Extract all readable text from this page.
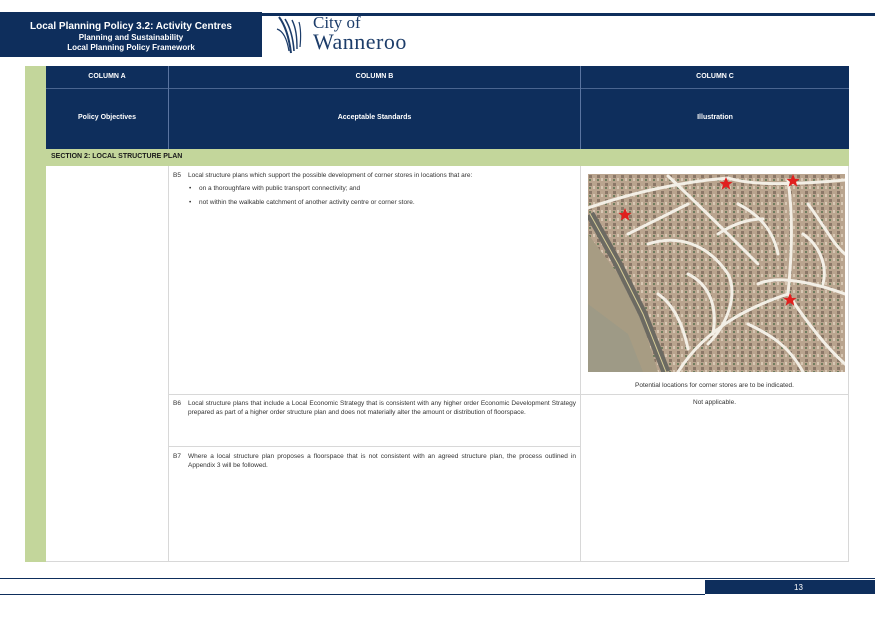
Local Planning Policy 3.2: Activity Centres
Planning and Sustainability
Local Planning Policy Framework
City of
Wanneroo
COLUMN A
Policy Objectives
COLUMN B
Acceptable Standards
COLUMN C
Illustration
SECTION 2: LOCAL STRUCTURE PLAN
B5 Local structure plans which support the possible development of corner stores in locations that are:
• on a thoroughfare with public transport connectivity; and
• not within the walkable catchment of another activity centre or corner store.
Potential locations for corner stores are to be indicated.
B6 Local structure plans that include a Local Economic Strategy that is consistent with any higher order Economic Development Strategy prepared as part of a higher order structure plan and does not materially alter the amount or distribution of floorspace.
Not applicable.
B7 Where a local structure plan proposes a floorspace that is not consistent with an agreed structure plan, the process outlined in Appendix 3 will be followed.
13
